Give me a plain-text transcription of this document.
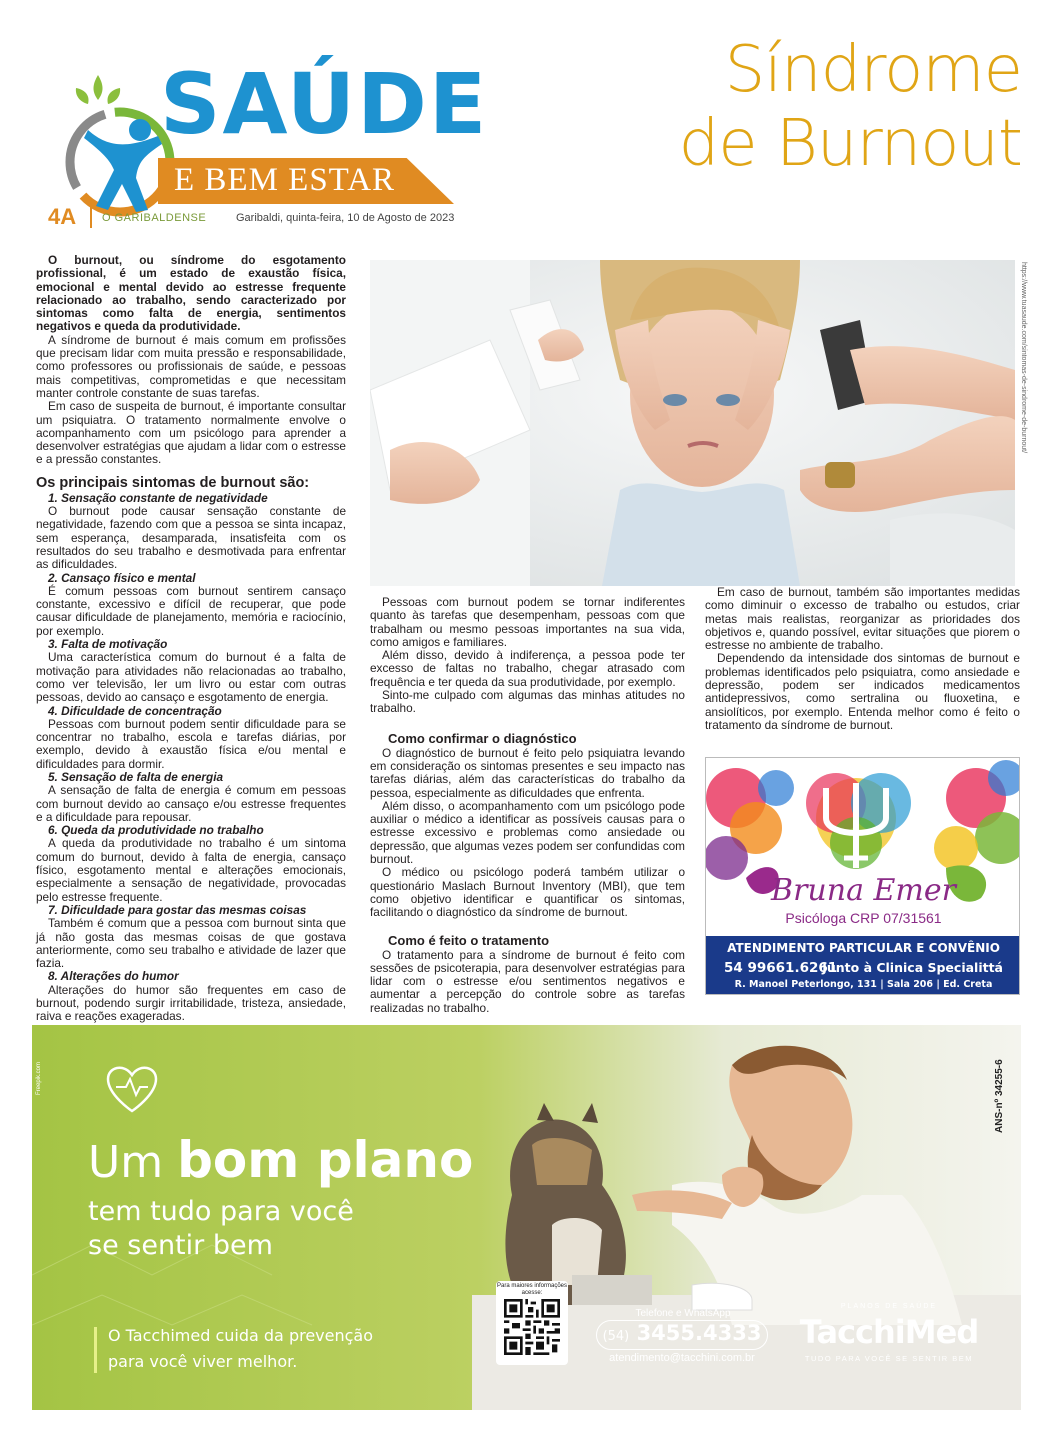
SAÚDE
E BEM ESTAR
4A O GARIBALDENSE	Garibaldi, quinta-feira, 10 de Agosto de 2023
Síndrome
de Burnout

O burnout, ou síndrome do esgotamento profissional, é um estado de exaustão física, emocional e mental devido ao estresse frequente relacionado ao trabalho, sendo caracterizado por sintomas como falta de energia, sentimentos negativos e queda da produtividade.

A síndrome de burnout é mais comum em profissões que precisam lidar com muita pressão e responsabilidade, como professores ou profissionais de saúde, e pessoas mais competitivas, comprometidas e que necessitam manter controle constante de suas tarefas.

Em caso de suspeita de burnout, é importante consultar um psiquiatra. O tratamento normalmente envolve o acompanhamento com um psicólogo para aprender a desenvolver estratégias que ajudam a lidar com o estresse e a pressão constantes.

Os principais sintomas de burnout são:
1. Sensação constante de negatividade

O burnout pode causar sensação constante de negatividade, fazendo com que a pessoa se sinta incapaz, sem esperança, desamparada, insatisfeita com os resultados do seu trabalho e desmotivada para enfrentar as dificuldades.

2. Cansaço físico e mental

É comum pessoas com burnout sentirem cansaço constante, excessivo e difícil de recuperar, que pode causar dificuldade de planejamento, memória e raciocínio, por exemplo.

3. Falta de motivação

Uma característica comum do burnout é a falta de motivação para atividades não relacionadas ao trabalho, como ver televisão, ler um livro ou estar com outras pessoas, devido ao cansaço e esgotamento de energia.

4. Dificuldade de concentração

Pessoas com burnout podem sentir dificuldade para se concentrar no trabalho, escola e tarefas diárias, por exemplo, devido à exaustão física e/ou mental e dificuldades para dormir.

5. Sensação de falta de energia

A sensação de falta de energia é comum em pessoas com burnout devido ao cansaço e/ou estresse frequentes e a dificuldade para repousar.

6. Queda da produtividade no trabalho

A queda da produtividade no trabalho é um sintoma comum do burnout, devido à falta de energia, cansaço físico, esgotamento mental e alterações emocionais, especialmente a sensação de negatividade, provocadas pelo estresse frequente.

7. Dificuldade para gostar das mesmas coisas

Também é comum que a pessoa com burnout sinta que já não gosta das mesmas coisas de que gostava anteriormente, como seu trabalho e atividade de lazer que fazia.

8. Alterações do humor

Alterações do humor são frequentes em caso de burnout, podendo surgir irritabilidade, tristeza, ansiedade, raiva e reações exageradas.

https://www.tuasaude.com/sintomas-de-sindrome-de-burnout/

Pessoas com burnout podem se tornar indiferentes quanto às tarefas que desempenham, pessoas com que trabalham ou mesmo pessoas importantes na sua vida, como amigos e familiares.

Além disso, devido à indiferença, a pessoa pode ter excesso de faltas no trabalho, chegar atrasado com frequência e ter queda da sua produtividade, por exemplo.

Sinto-me culpado com algumas das minhas atitudes no trabalho.

Como confirmar o diagnóstico

O diagnóstico de burnout é feito pelo psiquiatra levando em consideração os sintomas presentes e seu impacto nas tarefas diárias, além das características do trabalho da pessoa, especialmente as dificuldades que enfrenta.

Além disso, o acompanhamento com um psicólogo pode auxiliar o médico a identificar as possíveis causas para o estresse excessivo e problemas como ansiedade ou depressão, que algumas vezes podem ser confundidas com burnout.

O médico ou psicólogo poderá também utilizar o questionário Maslach Burnout Inventory (MBI), que tem como objetivo identificar e quantificar os sintomas, facilitando o diagnóstico da síndrome de burnout.

Como é feito o tratamento

O tratamento para a síndrome de burnout é feito com sessões de psicoterapia, para desenvolver estratégias para lidar com o estresse e/ou sentimentos negativos e aumentar a percepção do controle sobre as tarefas realizadas no trabalho.

Em caso de burnout, também são importantes medidas como diminuir o excesso de trabalho ou estudos, criar metas mais realistas, reorganizar as prioridades dos objetivos e, quando possível, evitar situações que piorem o estresse no ambiente de trabalho.

Dependendo da intensidade dos sintomas de burnout e problemas identificados pelo psiquiatra, como ansiedade e depressão, podem ser indicados medicamentos antidepressivos, como sertralina ou fluoxetina, e ansiolíticos, por exemplo. Entenda melhor como é feito o tratamento da síndrome de burnout.

Bruna Emer
Psicóloga CRP 07/31561
ATENDIMENTO PARTICULAR E CONVÊNIO
54 99661.6261
Junto à Clinica Specialittá
R. Manoel Peterlongo, 131 | Sala 206 | Ed. Creta
Freepik.com	ANS-nº 34255-6
Um bom plano
tem tudo para você
se sentir bem
O Tacchimed cuida da prevenção
para você viver melhor.
Para maiores informações acesse:
Telefone e WhatsApp
(54) 3455.4333
atendimento@tacchini.com.br
PLANOS DE SAÚDE
TacchiMed
TUDO PARA VOCÊ SE SENTIR BEM
